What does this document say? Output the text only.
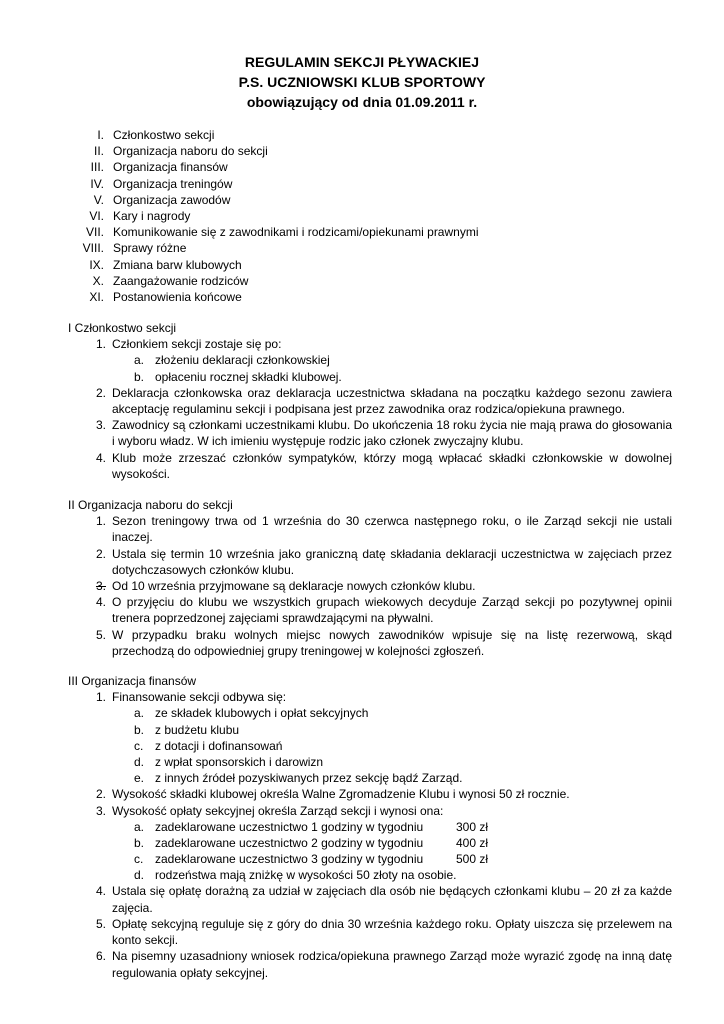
REGULAMIN SEKCJI PŁYWACKIEJ
P.S. UCZNIOWSKI KLUB SPORTOWY
obowiązujący od dnia 01.09.2011 r.
I. Członkostwo sekcji
II. Organizacja naboru do sekcji
III. Organizacja finansów
IV. Organizacja treningów
V. Organizacja zawodów
VI. Kary i nagrody
VII. Komunikowanie się z zawodnikami i rodzicami/opiekunami prawnymi
VIII. Sprawy różne
IX. Zmiana barw klubowych
X. Zaangażowanie rodziców
XI. Postanowienia końcowe
I Członkostwo sekcji
1. Członkiem sekcji zostaje się po:
a. złożeniu deklaracji członkowskiej
b. opłaceniu rocznej składki klubowej.
2. Deklaracja członkowska oraz deklaracja uczestnictwa składana na początku każdego sezonu zawiera akceptację regulaminu sekcji i podpisana jest przez zawodnika oraz rodzica/opiekuna prawnego.
3. Zawodnicy są członkami uczestnikami klubu. Do ukończenia 18 roku życia nie mają prawa do głosowania i wyboru władz. W ich imieniu występuje rodzic jako członek zwyczajny klubu.
4. Klub może zrzeszać członków sympatyków, którzy mogą wpłacać składki członkowskie w dowolnej wysokości.
II Organizacja naboru do sekcji
1. Sezon treningowy trwa od 1 września do 30 czerwca następnego roku, o ile Zarząd sekcji nie ustali inaczej.
2. Ustala się termin 10 września jako graniczną datę składania deklaracji uczestnictwa w zajęciach przez dotychczasowych członków klubu.
3. Od 10 września przyjmowane są deklaracje nowych członków klubu.
4. O przyjęciu do klubu we wszystkich grupach wiekowych decyduje Zarząd sekcji po pozytywnej opinii trenera poprzedzonej zajęciami sprawdzającymi na pływalni.
5. W przypadku braku wolnych miejsc nowych zawodników wpisuje się na listę rezerwową, skąd przechodzą do odpowiedniej grupy treningowej w kolejności zgłoszeń.
III Organizacja finansów
1. Finansowanie sekcji odbywa się:
a. ze składek klubowych i opłat sekcyjnych
b. z budżetu klubu
c. z dotacji i dofinansowań
d. z wpłat sponsorskich i darowizn
e. z innych źródeł pozyskiwanych przez sekcję bądź Zarząd.
2. Wysokość składki klubowej określa Walne Zgromadzenie Klubu i wynosi 50 zł rocznie.
3. Wysokość opłaty sekcyjnej określa Zarząd sekcji i wynosi ona:
a. zadeklarowane uczestnictwo 1 godziny w tygodniu	300 zł
b. zadeklarowane uczestnictwo 2 godziny w tygodniu	400 zł
c. zadeklarowane uczestnictwo 3 godziny w tygodniu	500 zł
d. rodzeństwa mają zniżkę w wysokości 50 złoty na osobie.
4. Ustala się opłatę dorażną za udział w zajęciach dla osób nie będących członkami klubu – 20 zł za każde zajęcia.
5. Opłatę sekcyjną reguluje się z góry do dnia 30 września każdego roku. Opłaty uiszcza się przelewem na konto sekcji.
6. Na pisemny uzasadniony wniosek rodzica/opiekuna prawnego Zarząd może wyrazić zgodę na inną datę regulowania opłaty sekcyjnej.
